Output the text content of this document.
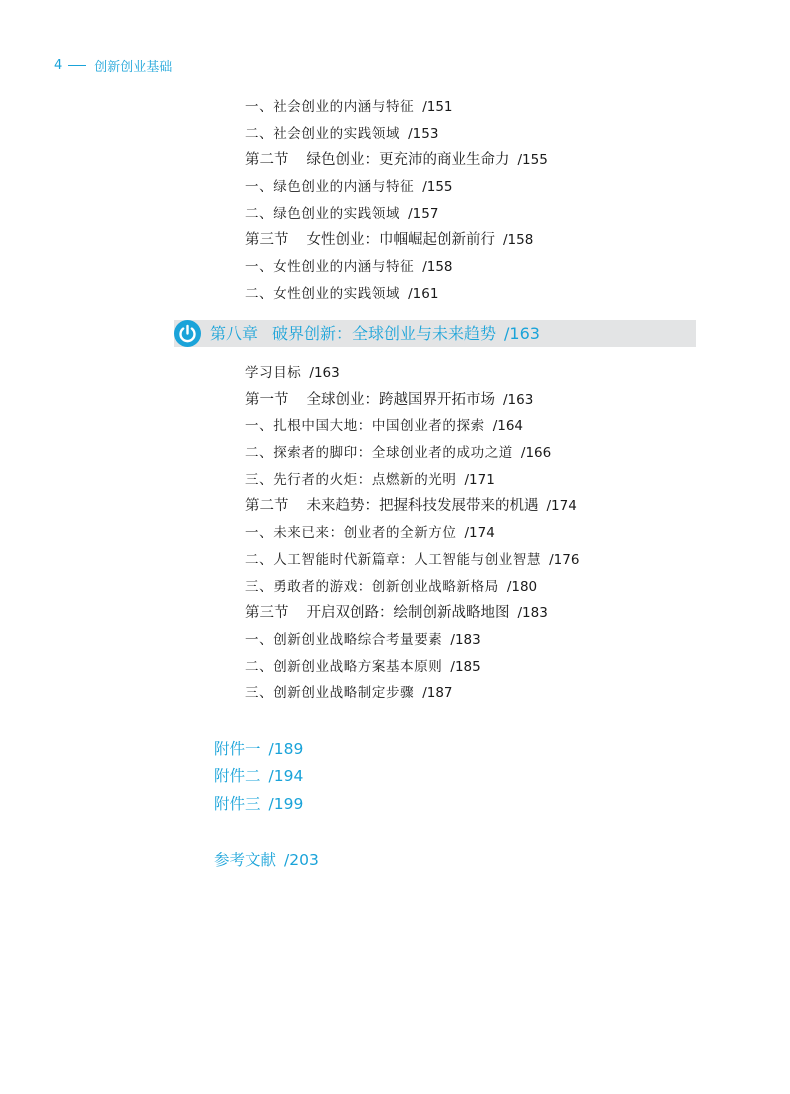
4 创新创业基础
一、社会创业的内涵与特征 /151
二、社会创业的实践领域 /153
第二节 绿色创业：更充沛的商业生命力 /155
一、绿色创业的内涵与特征 /155
二、绿色创业的实践领域 /157
第三节 女性创业：巾帼崛起创新前行 /158
一、女性创业的内涵与特征 /158
二、女性创业的实践领域 /161
第八章 破界创新：全球创业与未来趋势 /163
学习目标 /163
第一节 全球创业：跨越国界开拓市场 /163
一、扎根中国大地：中国创业者的探索 /164
二、探索者的脚印：全球创业者的成功之道 /166
三、先行者的火炬：点燃新的光明 /171
第二节 未来趋势：把握科技发展带来的机遇 /174
一、未来已来：创业者的全新方位 /174
二、人工智能时代新篇章：人工智能与创业智慧 /176
三、勇敢者的游戏：创新创业战略新格局 /180
第三节 开启双创路：绘制创新战略地图 /183
一、创新创业战略综合考量要素 /183
二、创新创业战略方案基本原则 /185
三、创新创业战略制定步骤 /187
附件一 /189
附件二 /194
附件三 /199
参考文献 /203
